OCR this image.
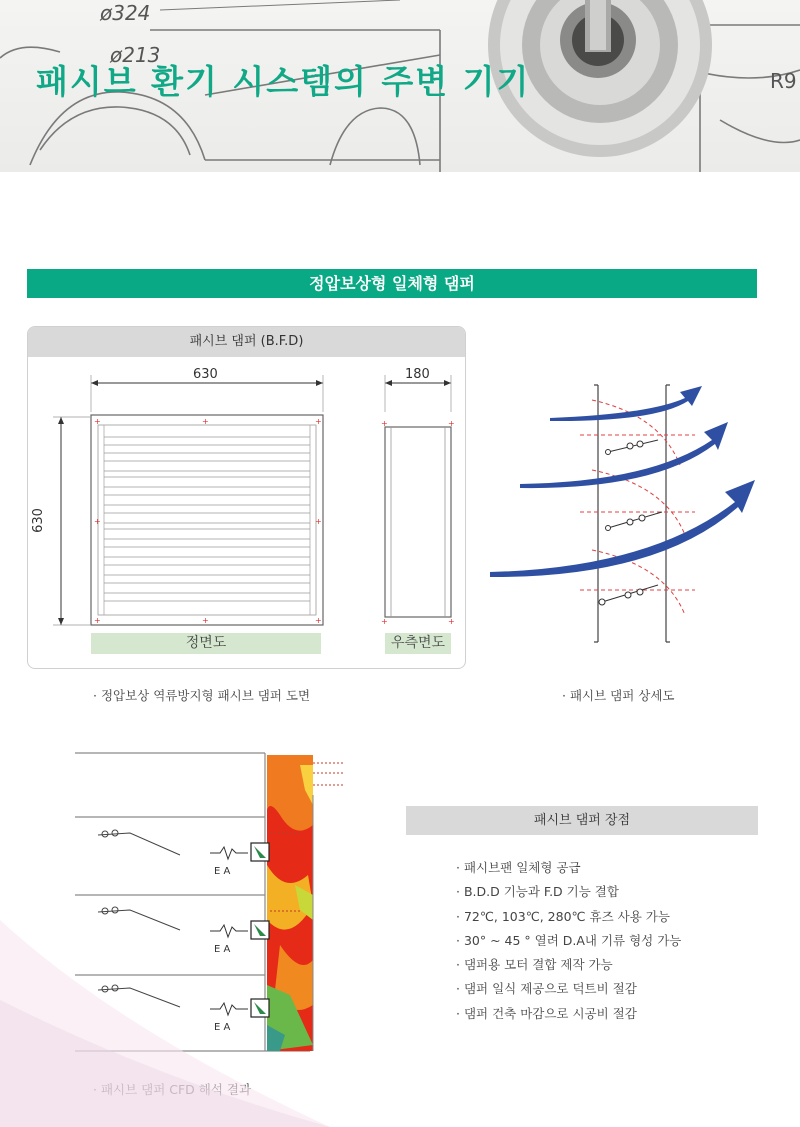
ø324
ø213
R9
패시브 환기 시스템의 주변 기기
정압보상형 일체형 댐퍼
패시브 댐퍼 (B.F.D)
+	+	+
+	+
+	+	+
+	+
+	+
630	180
630
정면도	우측면도
· 정압보상 역류방지형 패시브 댐퍼 도면	· 패시브 댐퍼 상세도
E A
E A
E A
패시브 댐퍼 장점
· 패시브팬 일체형 공급
· B.D.D 기능과 F.D 기능 결합
· 72℃, 103℃, 280℃ 휴즈 사용 가능
· 30° ~ 45 ° 열려 D.A내 기류 형성 가능
· 댐퍼용 모터 결합 제작 가능
· 댐퍼 일식 제공으로 덕트비 절감
· 댐퍼 건축 마감으로 시공비 절감
